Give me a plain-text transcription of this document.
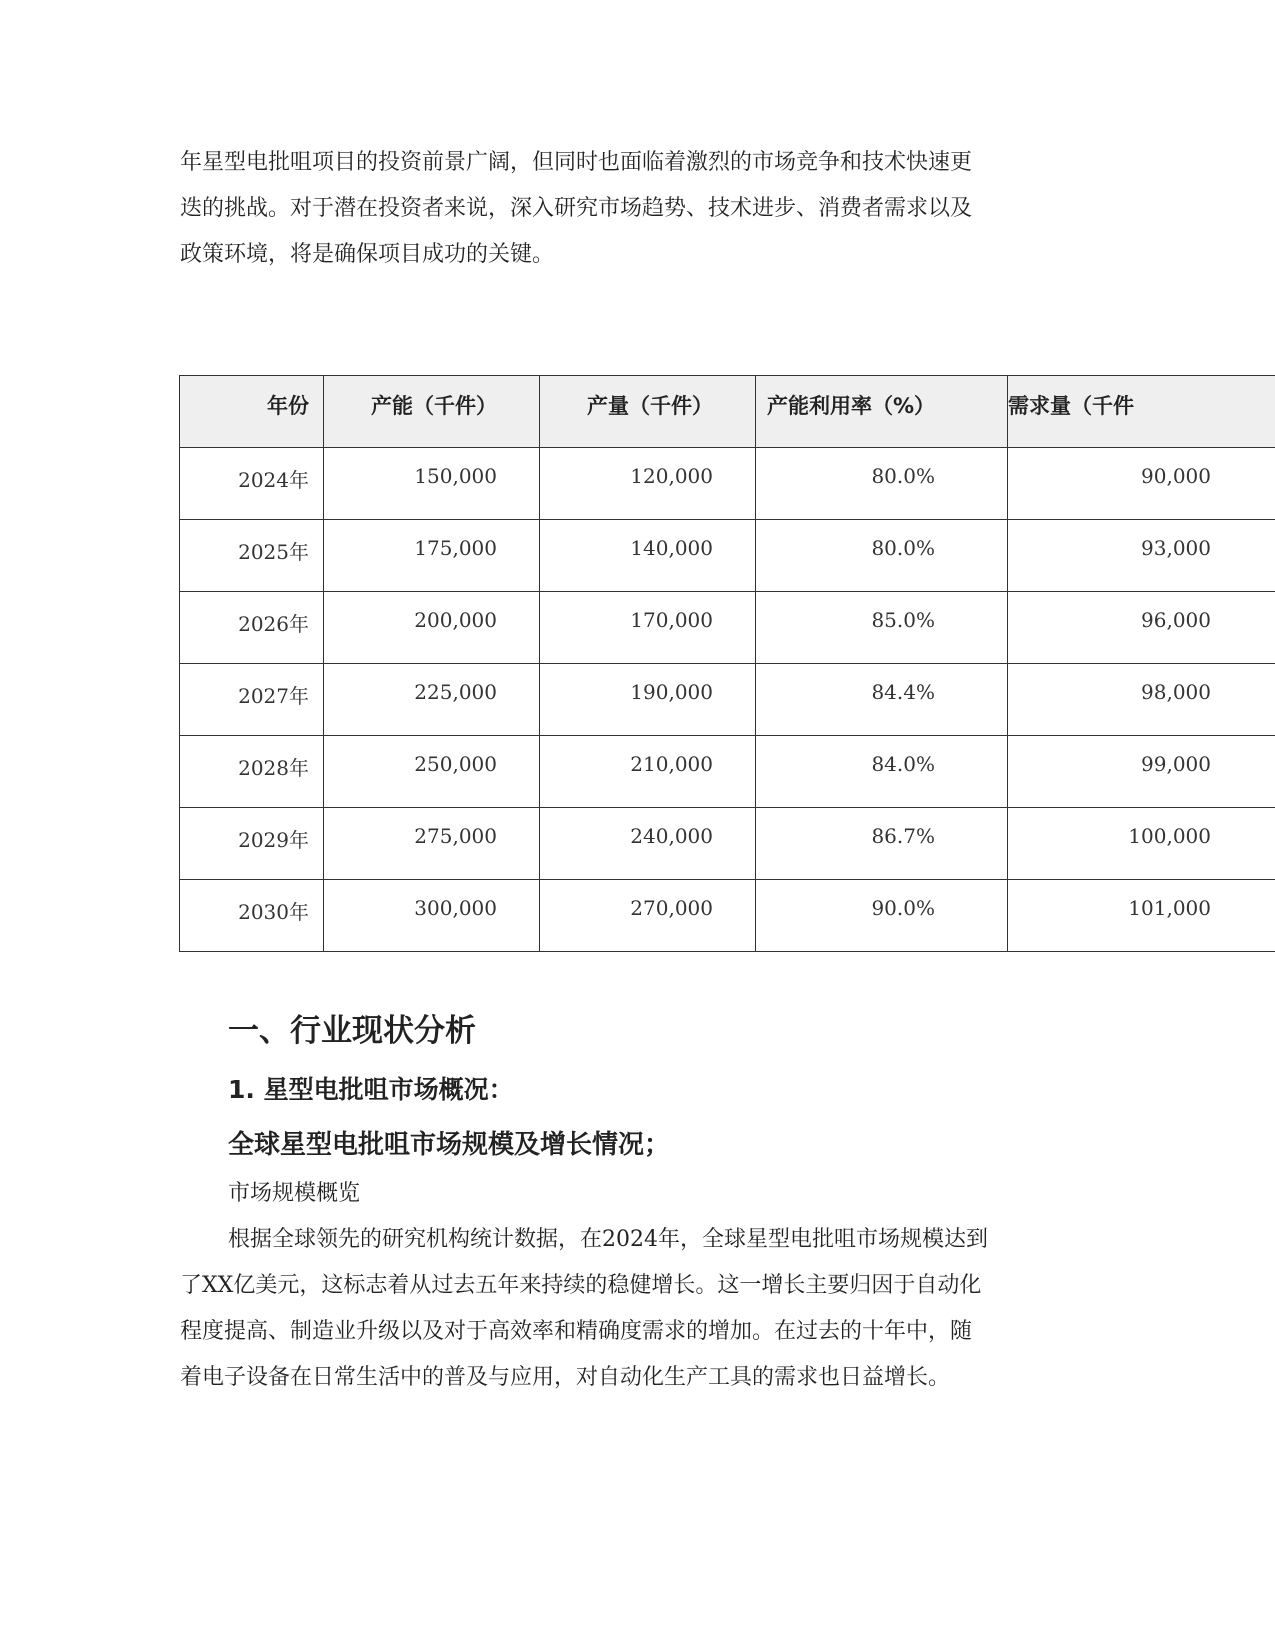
年星型电批咀项目的投资前景广阔，但同时也面临着激烈的市场竞争和技术快速更
迭的挑战。对于潜在投资者来说，深入研究市场趋势、技术进步、消费者需求以及
政策环境，将是确保项目成功的关键。

年份	产能（千件）	产量（千件）	产能利用率（%）	需求量（千件
2024年	150,000	120,000	80.0%	90,000
2025年	175,000	140,000	80.0%	93,000
2026年	200,000	170,000	85.0%	96,000
2027年	225,000	190,000	84.4%	98,000
2028年	250,000	210,000	84.0%	99,000
2029年	275,000	240,000	86.7%	100,000
2030年	300,000	270,000	90.0%	101,000
一、行业现状分析
1. 星型电批咀市场概况：
全球星型电批咀市场规模及增长情况；

市场规模概览

根据全球领先的研究机构统计数据，在2024年，全球星型电批咀市场规模达到
了XX亿美元，这标志着从过去五年来持续的稳健增长。这一增长主要归因于自动化
程度提高、制造业升级以及对于高效率和精确度需求的增加。在过去的十年中，随
着电子设备在日常生活中的普及与应用，对自动化生产工具的需求也日益增长。
